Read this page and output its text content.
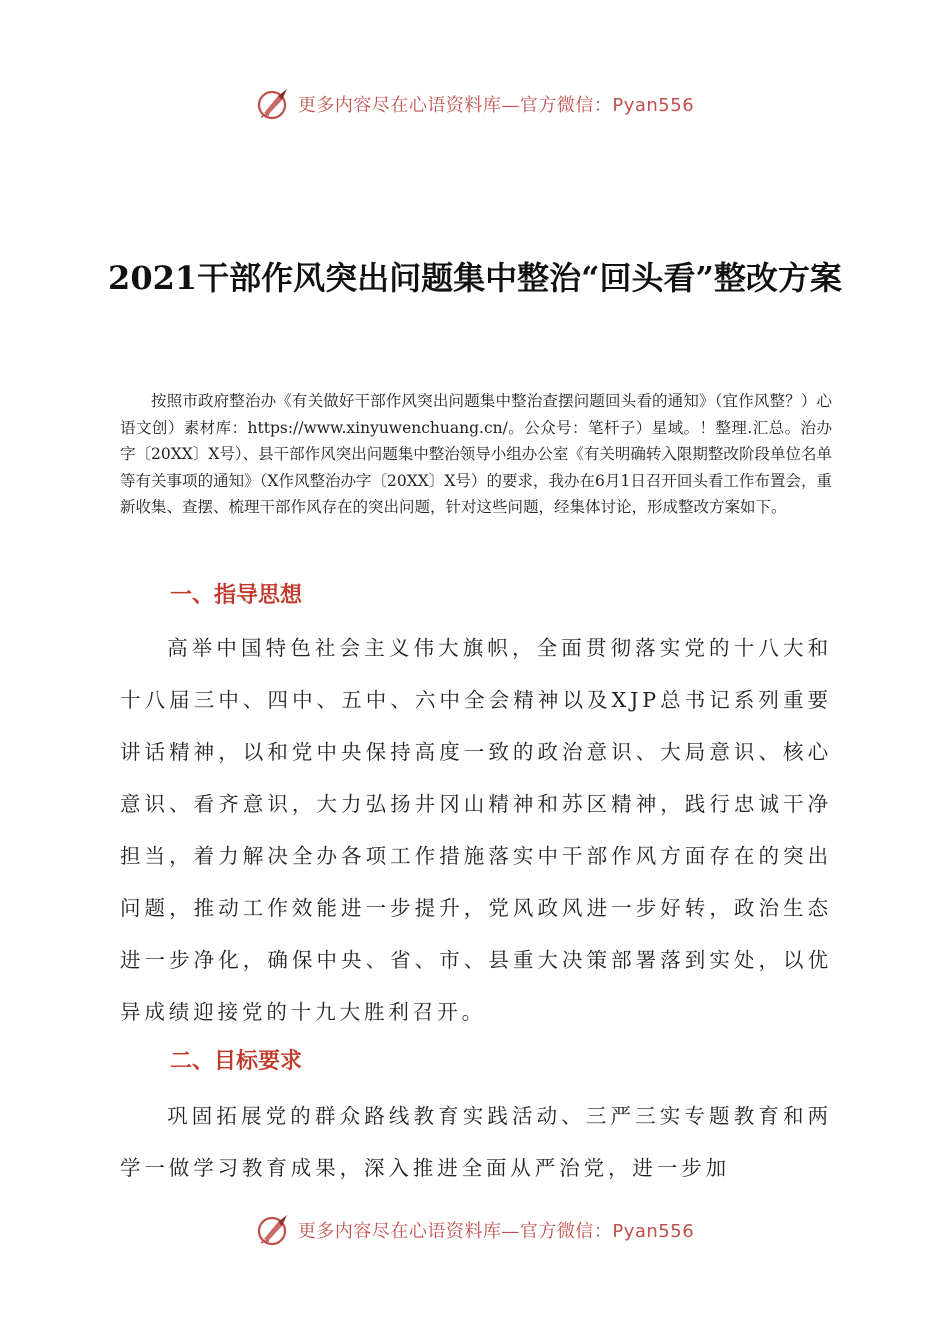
更多内容尽在心语资料库—官方微信：Pyan556
2021干部作风突出问题集中整治“回头看”整改方案
按照市政府整治办《有关做好干部作风突出问题集中整治查摆问题回头看的通知》（宜作风整？）心语文创）素材库：https://www.xinyuwenchuang.cn/。公众号：笔杆子）星域。！整理.汇总。治办字〔20XX〕X号）、县干部作风突出问题集中整治领导小组办公室《有关明确转入限期整改阶段单位名单等有关事项的通知》（X作风整治办字〔20XX〕X号）的要求，我办在6月1日召开回头看工作布置会，重新收集、查摆、梳理干部作风存在的突出问题，针对这些问题，经集体讨论，形成整改方案如下。
一、指导思想
高举中国特色社会主义伟大旗帜，全面贯彻落实党的十八大和十八届三中、四中、五中、六中全会精神以及XJP总书记系列重要讲话精神，以和党中央保持高度一致的政治意识、大局意识、核心意识、看齐意识，大力弘扬井冈山精神和苏区精神，践行忠诚干净担当，着力解决全办各项工作措施落实中干部作风方面存在的突出问题，推动工作效能进一步提升，党风政风进一步好转，政治生态进一步净化，确保中央、省、市、县重大决策部署落到实处，以优异成绩迎接党的十九大胜利召开。
二、目标要求
巩固拓展党的群众路线教育实践活动、三严三实专题教育和两学一做学习教育成果，深入推进全面从严治党，进一步加
更多内容尽在心语资料库—官方微信：Pyan556
